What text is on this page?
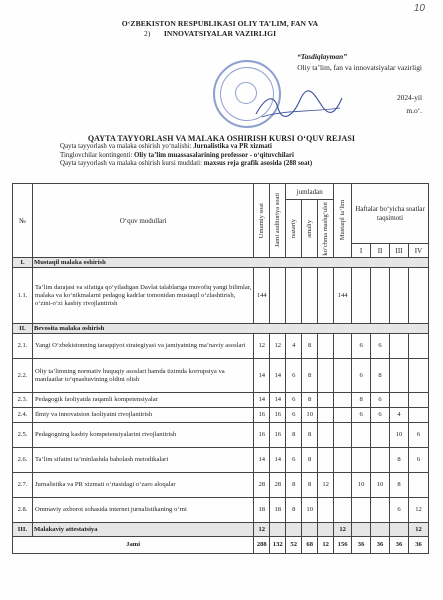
10
O‘ZBEKISTON RESPUBLIKASI OLIY TA’LIM, FAN VA
INNOVATSIYALAR VAZIRLIGI
2)
“Tasdiqlayman”
Oliy ta’lim, fan va innovatsiyalar vazirligi
2024-yil
m.o‘.
QAYTA TAYYORLASH VA MALAKA OSHIRISH KURSI O‘QUV REJASI
Qayta tayyorlash va malaka oshirish yo‘nalishi: Jurnalistika va PR xizmati
Tinglovchilar kontingenti: Oliy ta’lim muassasalarining professor - o‘qituvchilari
Qayta tayyorlash va malaka oshirish kursi muddati: maxsus reja grafik asosida (288 soat)
№	O‘quv modullari	Umumiy soat	Jami auditoriya soati	jumladan			Mustaqil ta’lim	Haftalar bo‘yicha soatlar taqsimoti			

				nazariy	amaliy	ko‘chma mashg‘ulot					

								I	II	III	IV
I.	Mustaqil malaka oshirish										
1.1.	Ta’lim darajasi va sifatiga qo‘yiladigan Davlat talablariga muvofiq yangi bilimlar, malaka va ko‘nikmalarni pedagog kadrlar tomonidan mustaqil o‘zlashtirish, o‘zini-o‘zi kasbiy rivojlantirish	144					144				
II.	Bevosita malaka oshirish										
2.1.	Yangi O‘zbekistonning taraqqiyot strategiyasi va jamiyatning ma’naviy asoslari	12	12	4	8			6	6		
2.2.	Oliy ta’limning normativ huquqiy asoslari hamda tizimda korrupsiya va manfaatlar to‘qnashuvining oldini olish	14	14	6	8			6	8		
2.3.	Pedagogik faoliyatda raqamli kompetensiyalar	14	14	6	8			8	6		
2.4.	Ilmiy va innovatsion faoliyatni rivojlantirish	16	16	6	10			6	6	4	
2.5.	Pedagogning kasbiy kompetensiyalarini rivojlantirish	16	16	8	8					10	6
2.6.	Ta’lim sifatini ta’minlashda baholash metodikalari	14	14	6	8					8	6
2.7.	Jurnalistika va PR xizmati o‘rtasidagi o‘zaro aloqalar	28	28	8	8	12		10	10	8	
2.8.	Ommaviy axborot sohasida internet jurnalistikaning o‘rni	18	18	8	10					6	12
III.	Malakaviy attestatsiya	12					12				12
Jami		288	132	52	68	12	156	36	36	36	36
